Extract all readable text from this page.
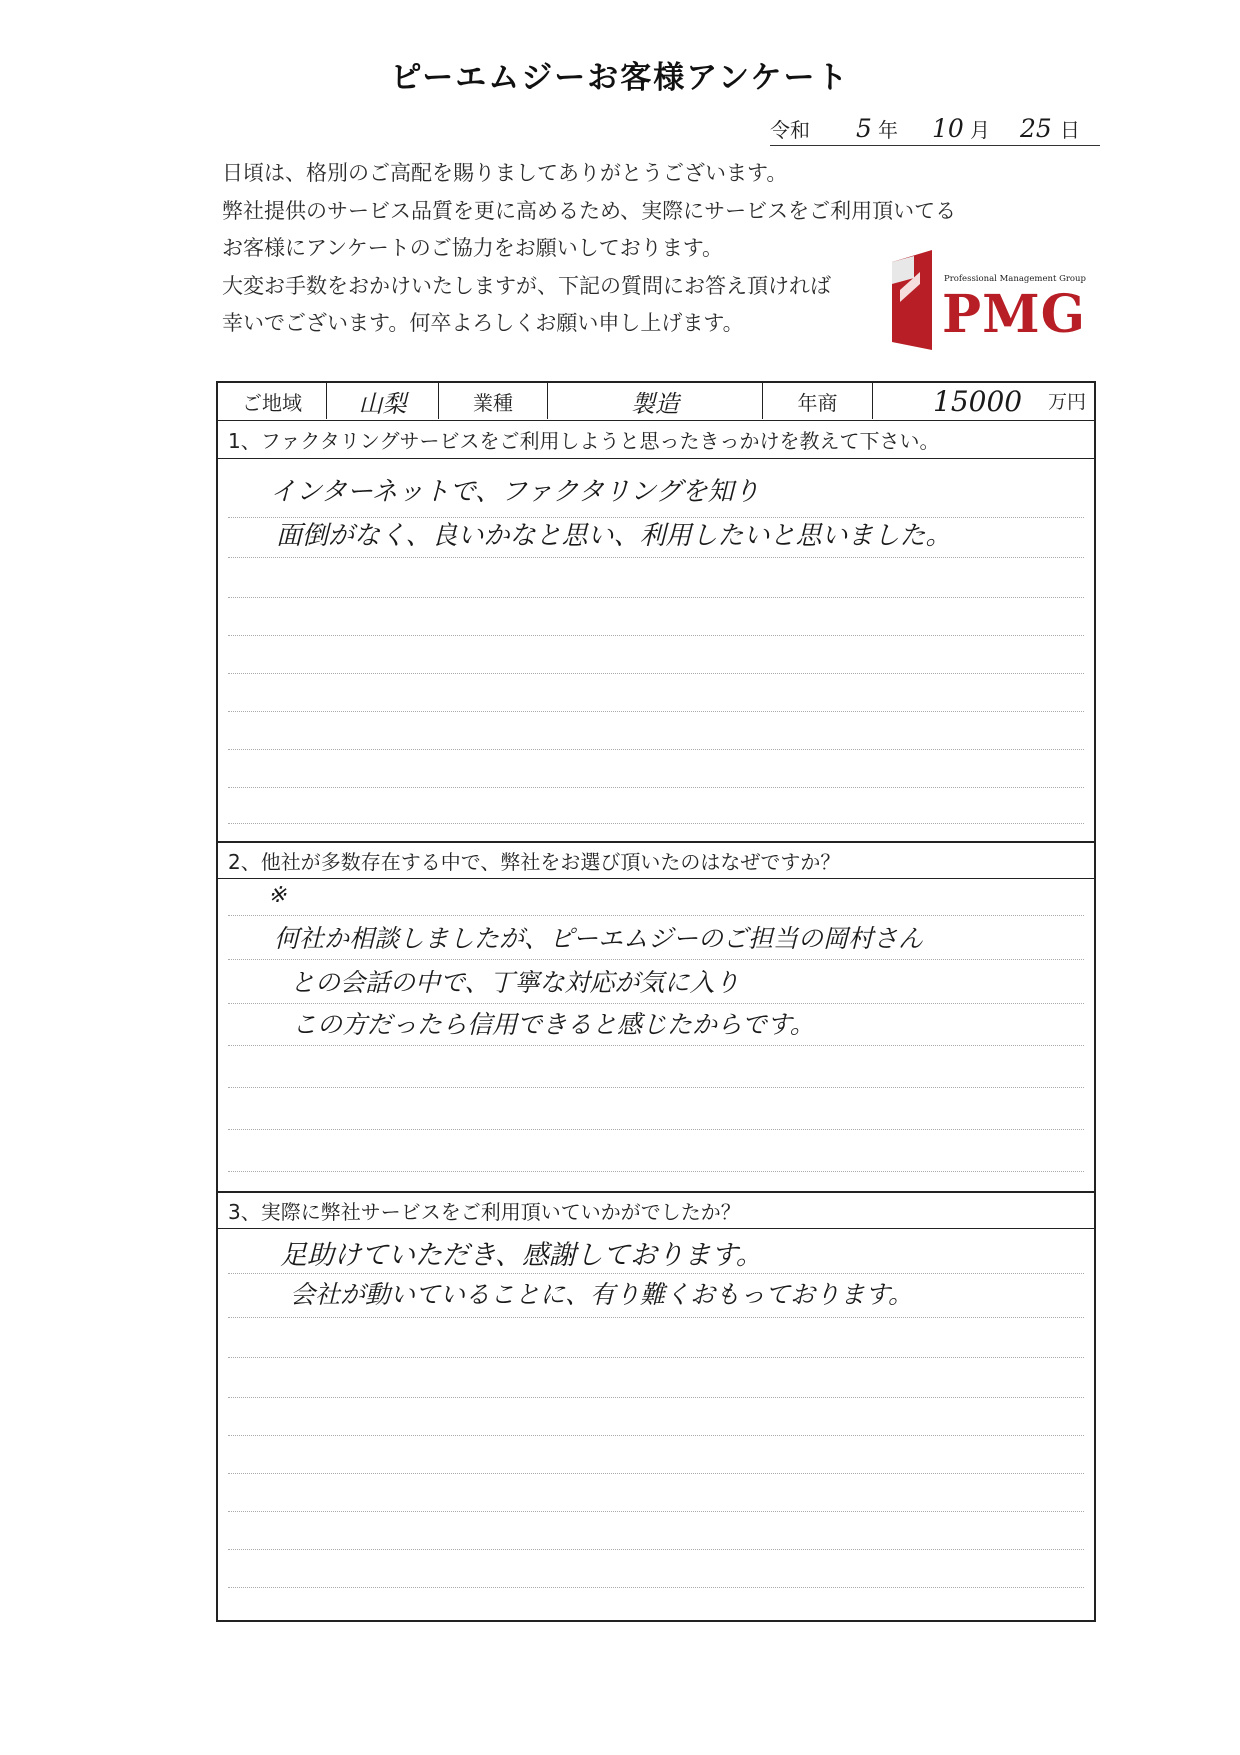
ピーエムジーお客様アンケート
令和 5 年 10 月 25 日
日頃は、格別のご高配を賜りましてありがとうございます。
弊社提供のサービス品質を更に高めるため、実際にサービスをご利用頂いてる
お客様にアンケートのご協力をお願いしております。
大変お手数をおかけいたしますが、下記の質問にお答え頂ければ
幸いでございます。何卒よろしくお願い申し上げます。
Professional Management Group
PMG
ご地域	山梨	業種	製造	年商	15000 万円
1、ファクタリングサービスをご利用しようと思ったきっかけを教えて下さい。
インターネットで、ファクタリングを知り
面倒がなく、良いかなと思い、利用したいと思いました。
2、他社が多数存在する中で、弊社をお選び頂いたのはなぜですか？
※
何社か相談しましたが、ピーエムジーのご担当の岡村さん
との会話の中で、丁寧な対応が気に入り
この方だったら信用できると感じたからです。
3、実際に弊社サービスをご利用頂いていかがでしたか？
足助けていただき、感謝しております。
会社が動いていることに、有り難くおもっております。
